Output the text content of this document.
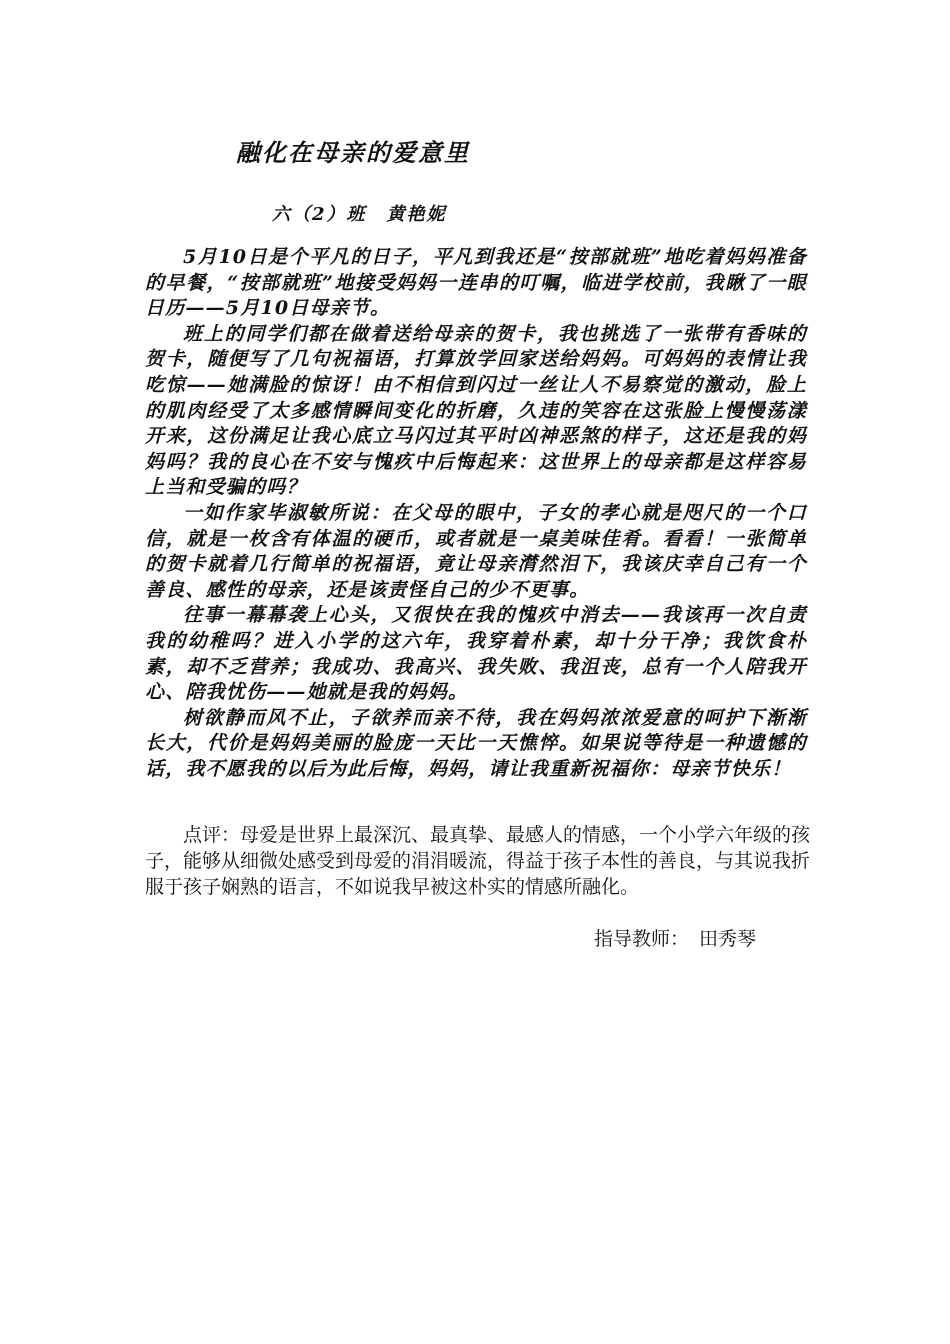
融化在母亲的爱意里
六（2）班　黄艳妮

5月10日是个平凡的日子，平凡到我还是“按部就班”地吃着妈妈准备的早餐，“按部就班”地接受妈妈一连串的叮嘱，临进学校前，我瞅了一眼日历——5月10日母亲节。

班上的同学们都在做着送给母亲的贺卡，我也挑选了一张带有香味的贺卡，随便写了几句祝福语，打算放学回家送给妈妈。可妈妈的表情让我吃惊——她满脸的惊讶！由不相信到闪过一丝让人不易察觉的激动，脸上的肌肉经受了太多感情瞬间变化的折磨，久违的笑容在这张脸上慢慢荡漾开来，这份满足让我心底立马闪过其平时凶神恶煞的样子，这还是我的妈妈吗？我的良心在不安与愧疚中后悔起来：这世界上的母亲都是这样容易上当和受骗的吗？

一如作家毕淑敏所说：在父母的眼中，子女的孝心就是咫尺的一个口信，就是一枚含有体温的硬币，或者就是一桌美味佳肴。看看！一张简单的贺卡就着几行简单的祝福语，竟让母亲潸然泪下，我该庆幸自己有一个善良、感性的母亲，还是该责怪自己的少不更事。

往事一幕幕袭上心头，又很快在我的愧疚中消去——我该再一次自责我的幼稚吗？进入小学的这六年，我穿着朴素，却十分干净；我饮食朴素，却不乏营养；我成功、我高兴、我失败、我沮丧，总有一个人陪我开心、陪我忧伤——她就是我的妈妈。

树欲静而风不止，子欲养而亲不待，我在妈妈浓浓爱意的呵护下渐渐长大，代价是妈妈美丽的脸庞一天比一天憔悴。如果说等待是一种遗憾的话，我不愿我的以后为此后悔，妈妈，请让我重新祝福你：母亲节快乐！

点评：母爱是世界上最深沉、最真挚、最感人的情感，一个小学六年级的孩子，能够从细微处感受到母爱的涓涓暖流，得益于孩子本性的善良，与其说我折服于孩子娴熟的语言，不如说我早被这朴实的情感所融化。

指导教师： 田秀琴
